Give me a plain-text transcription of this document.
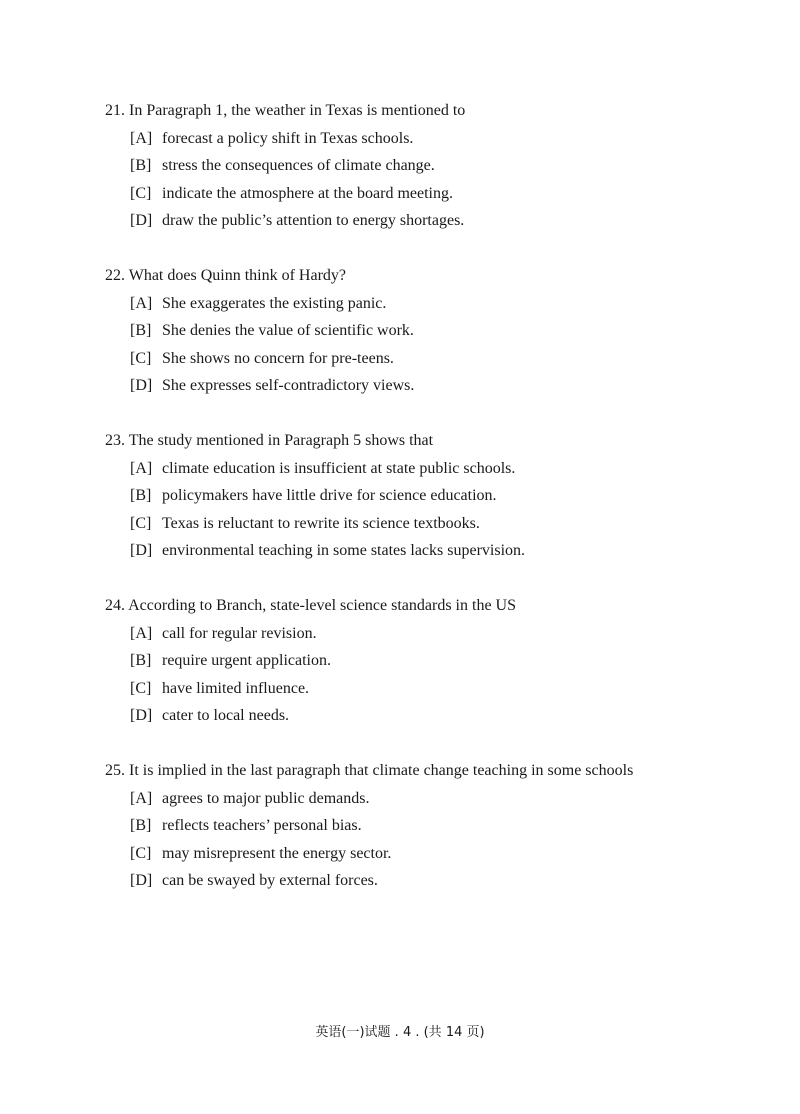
21. In Paragraph 1, the weather in Texas is mentioned to

[A] forecast a policy shift in Texas schools.
[B] stress the consequences of climate change.
[C] indicate the atmosphere at the board meeting.
[D] draw the public’s attention to energy shortages.

22. What does Quinn think of Hardy?

[A] She exaggerates the existing panic.
[B] She denies the value of scientific work.
[C] She shows no concern for pre-teens.
[D] She expresses self-contradictory views.

23. The study mentioned in Paragraph 5 shows that

[A] climate education is insufficient at state public schools.
[B] policymakers have little drive for science education.
[C] Texas is reluctant to rewrite its science textbooks.
[D] environmental teaching in some states lacks supervision.

24. According to Branch, state-level science standards in the US

[A] call for regular revision.
[B] require urgent application.
[C] have limited influence.
[D] cater to local needs.

25. It is implied in the last paragraph that climate change teaching in some schools

[A] agrees to major public demands.
[B] reflects teachers’ personal bias.
[C] may misrepresent the energy sector.
[D] can be swayed by external forces.
英语(一)试题 . 4 . (共 14 页)
